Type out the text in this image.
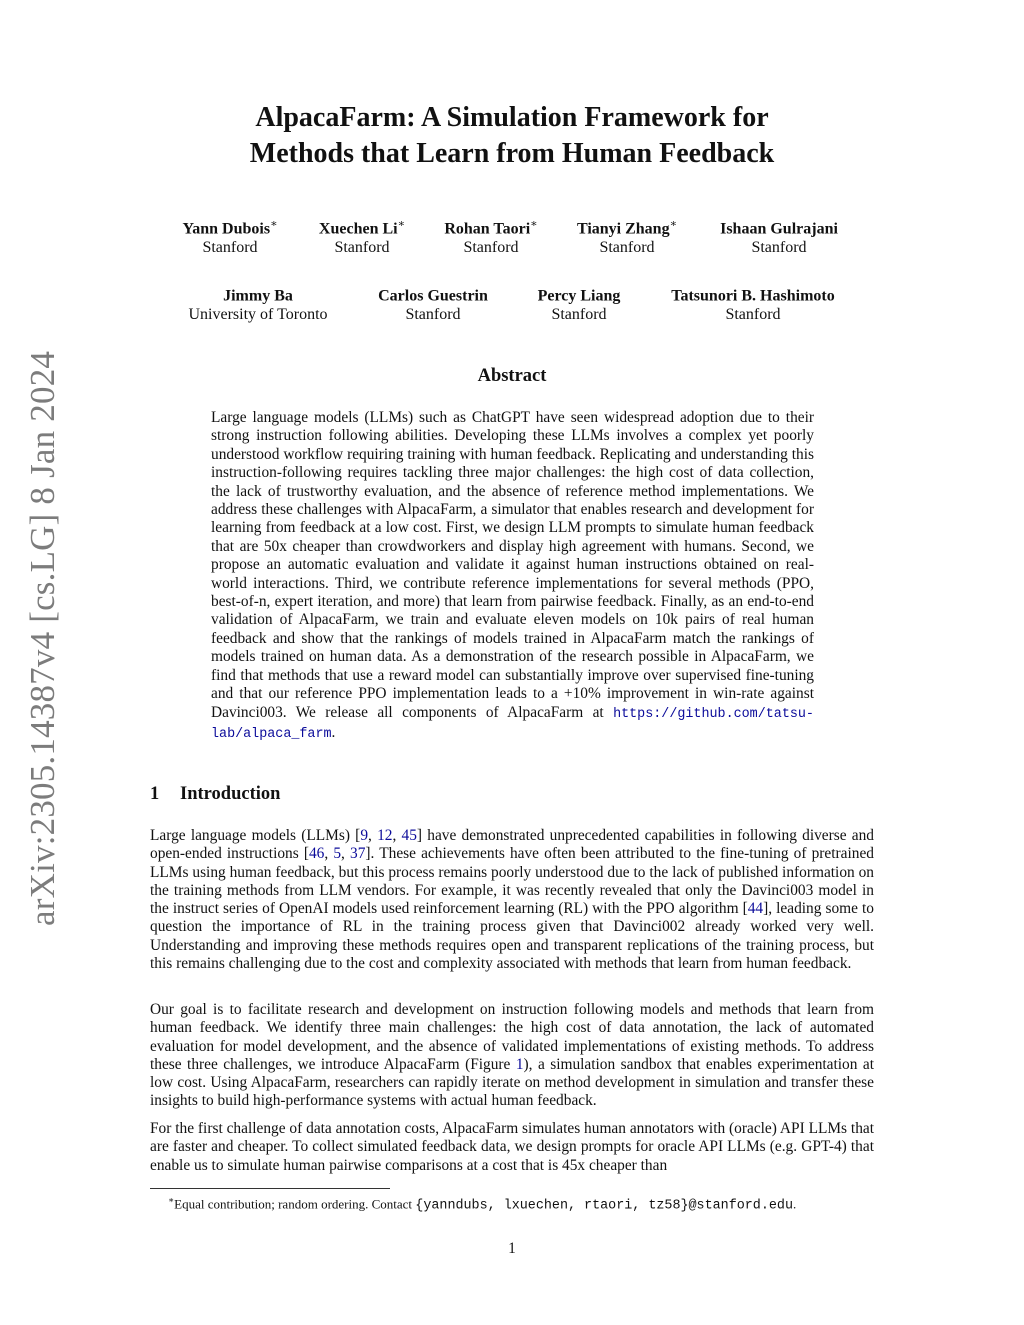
arXiv:2305.14387v4 [cs.LG] 8 Jan 2024
AlpacaFarm: A Simulation Framework for
Methods that Learn from Human Feedback
Yann Dubois∗
Stanford
Xuechen Li∗
Stanford
Rohan Taori∗
Stanford
Tianyi Zhang∗
Stanford
Ishaan Gulrajani
Stanford
Jimmy Ba
University of Toronto
Carlos Guestrin
Stanford
Percy Liang
Stanford
Tatsunori B. Hashimoto
Stanford
Abstract
Large language models (LLMs) such as ChatGPT have seen widespread adoption due to their strong instruction following abilities. Developing these LLMs involves a complex yet poorly understood workflow requiring training with human feedback. Replicating and understanding this instruction-following requires tackling three major challenges: the high cost of data collection, the lack of trustworthy evaluation, and the absence of reference method implementations. We address these challenges with AlpacaFarm, a simulator that enables research and development for learning from feedback at a low cost. First, we design LLM prompts to simulate human feedback that are 50x cheaper than crowdworkers and display high agreement with humans. Second, we propose an automatic evaluation and validate it against human instructions obtained on real-world interactions. Third, we contribute reference implementations for several methods (PPO, best-of-n, expert iteration, and more) that learn from pairwise feedback. Finally, as an end-to-end validation of AlpacaFarm, we train and evaluate eleven models on 10k pairs of real human feedback and show that the rankings of models trained in AlpacaFarm match the rankings of models trained on human data. As a demonstration of the research possible in AlpacaFarm, we find that methods that use a reward model can substantially improve over supervised fine-tuning and that our reference PPO implementation leads to a +10% improvement in win-rate against Davinci003. We release all components of AlpacaFarm at https://github.com/tatsu-lab/alpaca_farm.
1 Introduction
Large language models (LLMs) [9, 12, 45] have demonstrated unprecedented capabilities in following diverse and open-ended instructions [46, 5, 37]. These achievements have often been attributed to the fine-tuning of pretrained LLMs using human feedback, but this process remains poorly understood due to the lack of published information on the training methods from LLM vendors. For example, it was recently revealed that only the Davinci003 model in the instruct series of OpenAI models used reinforcement learning (RL) with the PPO algorithm [44], leading some to question the importance of RL in the training process given that Davinci002 already worked very well. Understanding and improving these methods requires open and transparent replications of the training process, but this remains challenging due to the cost and complexity associated with methods that learn from human feedback.
Our goal is to facilitate research and development on instruction following models and methods that learn from human feedback. We identify three main challenges: the high cost of data annotation, the lack of automated evaluation for model development, and the absence of validated implementations of existing methods. To address these three challenges, we introduce AlpacaFarm (Figure 1), a simulation sandbox that enables experimentation at low cost. Using AlpacaFarm, researchers can rapidly iterate on method development in simulation and transfer these insights to build high-performance systems with actual human feedback.
For the first challenge of data annotation costs, AlpacaFarm simulates human annotators with (oracle) API LLMs that are faster and cheaper. To collect simulated feedback data, we design prompts for oracle API LLMs (e.g. GPT-4) that enable us to simulate human pairwise comparisons at a cost that is 45x cheaper than
∗Equal contribution; random ordering. Contact {yanndubs, lxuechen, rtaori, tz58}@stanford.edu.
1
